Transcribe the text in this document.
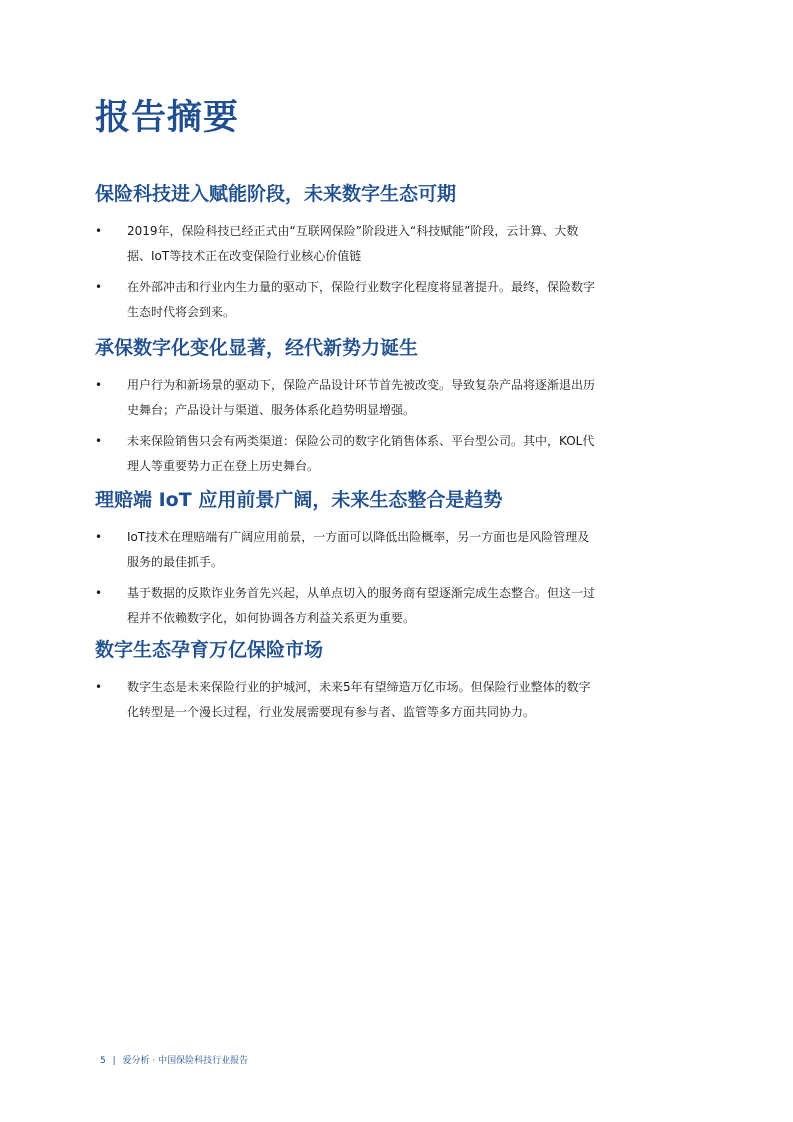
报告摘要
保险科技进入赋能阶段，未来数字生态可期
• 2019年，保险科技已经正式由“互联网保险”阶段进入“科技赋能”阶段，云计算、大数据、IoT等技术正在改变保险行业核心价值链
• 在外部冲击和行业内生力量的驱动下，保险行业数字化程度将显著提升。最终，保险数字生态时代将会到来。
承保数字化变化显著，经代新势力诞生
• 用户行为和新场景的驱动下，保险产品设计环节首先被改变。导致复杂产品将逐渐退出历史舞台；产品设计与渠道、服务体系化趋势明显增强。
• 未来保险销售只会有两类渠道：保险公司的数字化销售体系、平台型公司。其中，KOL代理人等重要势力正在登上历史舞台。
理赔端 IoT 应用前景广阔，未来生态整合是趋势
• IoT技术在理赔端有广阔应用前景，一方面可以降低出险概率，另一方面也是风险管理及服务的最佳抓手。
• 基于数据的反欺诈业务首先兴起，从单点切入的服务商有望逐渐完成生态整合。但这一过程并不依赖数字化，如何协调各方利益关系更为重要。
数字生态孕育万亿保险市场
• 数字生态是未来保险行业的护城河，未来5年有望缔造万亿市场。但保险行业整体的数字化转型是一个漫长过程，行业发展需要现有参与者、监管等多方面共同协力。
5 | 爱分析 · 中国保险科技行业报告
